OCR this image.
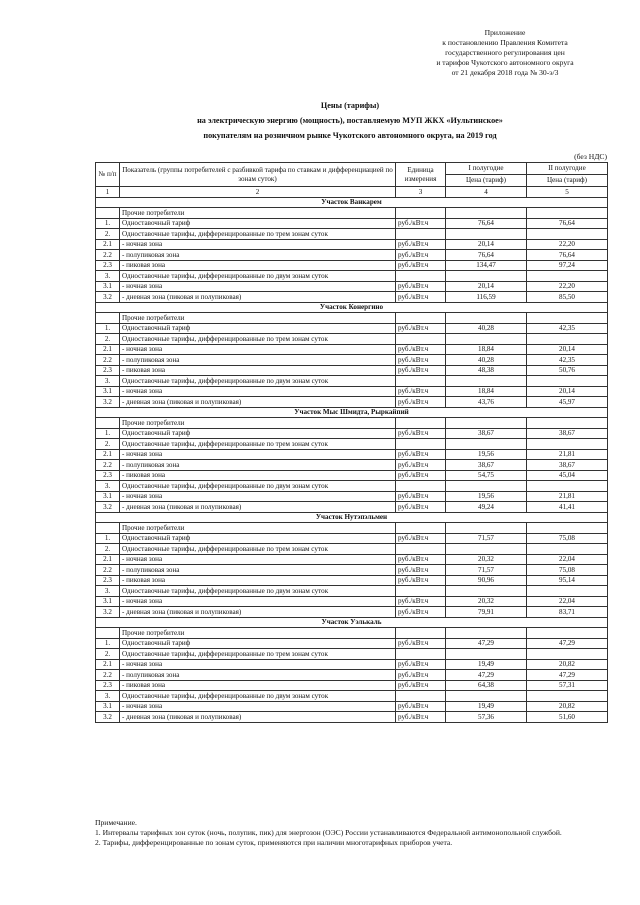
Приложение
к постановлению Правления Комитета
государственного регулирования цен
и тарифов Чукотского автономного округа
от 21 декабря 2018 года № 30-э/3
Цены (тарифы)
на электрическую энергию (мощность), поставляемую МУП ЖКХ «Иультинское»
покупателям на розничном рынке Чукотского автономного округа, на 2019 год
(без НДС)
№ п/п	Показатель (группы потребителей с разбивкой тарифа по ставкам и дифференциацией по зонам суток)	Единица измерения	I полугодие	II полугодие
			Цена (тариф)	Цена (тариф)
1	2	3	4	5
Участок Ванкарем				
	Прочие потребители			
1.	Одноставочный тариф	руб./кВт.ч	76,64	76,64
2.	Одноставочные тарифы, дифференцированные по трем зонам суток			
2.1	- ночная зона	руб./кВт.ч	20,14	22,20
2.2	- полупиковая зона	руб./кВт.ч	76,64	76,64
2.3	- пиковая зона	руб./кВт.ч	134,47	97,24
3.	Одноставочные тарифы, дифференцированные по двум зонам суток			
3.1	- ночная зона	руб./кВт.ч	20,14	22,20
3.2	- дневная зона (пиковая и полупиковая)	руб./кВт.ч	116,59	85,50
Участок Конергино				
	Прочие потребители			
1.	Одноставочный тариф	руб./кВт.ч	40,28	42,35
2.	Одноставочные тарифы, дифференцированные по трем зонам суток			
2.1	- ночная зона	руб./кВт.ч	18,84	20,14
2.2	- полупиковая зона	руб./кВт.ч	40,28	42,35
2.3	- пиковая зона	руб./кВт.ч	48,38	50,76
3.	Одноставочные тарифы, дифференцированные по двум зонам суток			
3.1	- ночная зона	руб./кВт.ч	18,84	20,14
3.2	- дневная зона (пиковая и полупиковая)	руб./кВт.ч	43,76	45,97
Участок Мыс Шмидта, Рыркайпий				
	Прочие потребители			
1.	Одноставочный тариф	руб./кВт.ч	38,67	38,67
2.	Одноставочные тарифы, дифференцированные по трем зонам суток			
2.1	- ночная зона	руб./кВт.ч	19,56	21,81
2.2	- полупиковая зона	руб./кВт.ч	38,67	38,67
2.3	- пиковая зона	руб./кВт.ч	54,75	45,04
3.	Одноставочные тарифы, дифференцированные по двум зонам суток			
3.1	- ночная зона	руб./кВт.ч	19,56	21,81
3.2	- дневная зона (пиковая и полупиковая)	руб./кВт.ч	49,24	41,41
Участок Нутэпэльмен				
	Прочие потребители			
1.	Одноставочный тариф	руб./кВт.ч	71,57	75,08
2.	Одноставочные тарифы, дифференцированные по трем зонам суток			
2.1	- ночная зона	руб./кВт.ч	20,32	22,04
2.2	- полупиковая зона	руб./кВт.ч	71,57	75,08
2.3	- пиковая зона	руб./кВт.ч	90,96	95,14
3.	Одноставочные тарифы, дифференцированные по двум зонам суток			
3.1	- ночная зона	руб./кВт.ч	20,32	22,04
3.2	- дневная зона (пиковая и полупиковая)	руб./кВт.ч	79,91	83,71
Участок Уэлькаль				
	Прочие потребители			
1.	Одноставочный тариф	руб./кВт.ч	47,29	47,29
2.	Одноставочные тарифы, дифференцированные по трем зонам суток			
2.1	- ночная зона	руб./кВт.ч	19,49	20,82
2.2	- полупиковая зона	руб./кВт.ч	47,29	47,29
2.3	- пиковая зона	руб./кВт.ч	64,38	57,31
3.	Одноставочные тарифы, дифференцированные по двум зонам суток			
3.1	- ночная зона	руб./кВт.ч	19,49	20,82
3.2	- дневная зона (пиковая и полупиковая)	руб./кВт.ч	57,36	51,60

Примечание.

1. Интервалы тарифных зон суток (ночь, полупик, пик) для энергозон (ОЭС) России устанавливаются Федеральной антимонопольной службой.

2. Тарифы, дифференцированные по зонам суток, применяются при наличии многотарифных приборов учета.
